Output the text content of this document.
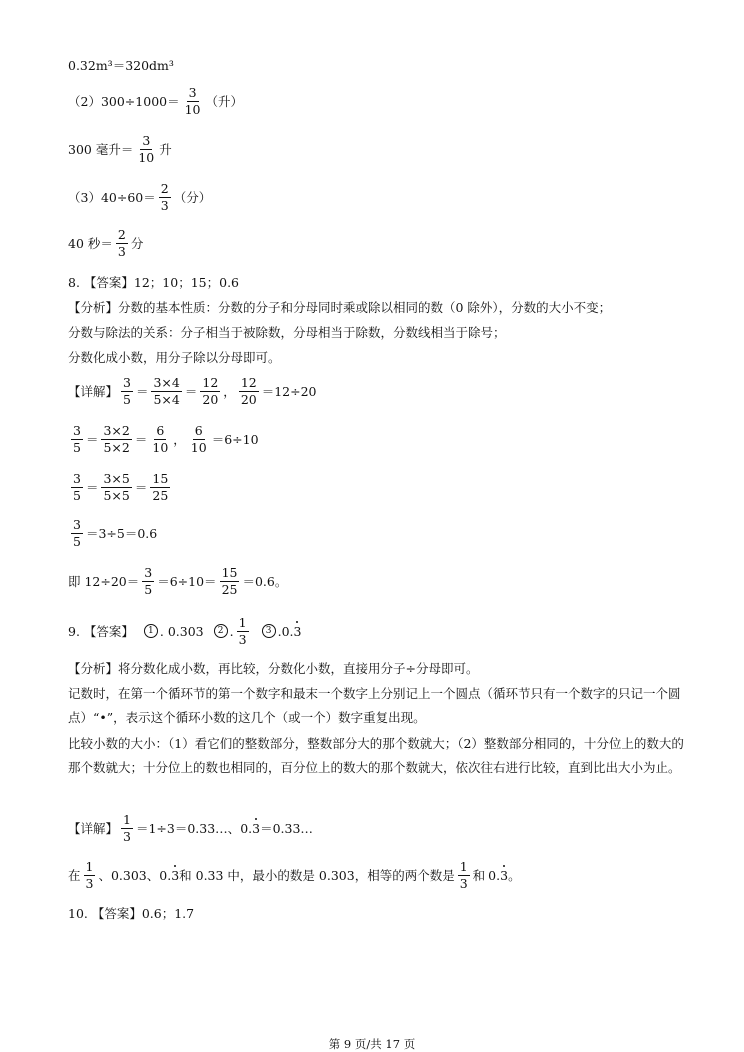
0.32m³＝320dm³
$(2)300\div 1000= \frac{3}{10}$ （升）
300 毫升＝ $\frac{3}{10}$ 升
$(3)40\div 60= \frac{2}{3}$ （分）
40 秒＝ $\frac{2}{3}$ 分
8. 【答案】12；10；15；0.6
【分析】分数的基本性质：分数的分子和分母同时乘或除以相同的数（0 除外），分数的大小不变；
分数与除法的关系：分子相当于被除数，分母相当于除数，分数线相当于除号；
分数化成小数，用分子除以分母即可。
【详解】 $\frac{3}{5} = \frac{3\times 4}{5\times 4} = \frac{12}{20}$ ， $\frac{12}{20} =12\div 20$
$\frac{3}{5} = \frac{3\times 2}{5\times 2} = \frac{6}{10}$ ， $\frac{6}{10} =6\div 10$
$\frac{3}{5} = \frac{3\times 5}{5\times 5} = \frac{15}{25}$
$\frac{3}{5} =3\div 5=0.6$
即 $12\div 20= \frac{3}{5} =6\div 10= \frac{15}{25} =0.6$。
9. 【答案】	1 . 0.303	2 . $\frac{1}{3}$	3 . 0.3
【分析】将分数化成小数，再比较，分数化小数，直接用分子÷分母即可。
记数时，在第一个循环节的第一个数字和最末一个数字上分别记上一个圆点（循环节只有一个数字的只记一个圆点）“•”，表示这个循环小数的这几个（或一个）数字重复出现。
比较小数的大小：（1）看它们的整数部分，整数部分大的那个数就大；（2）整数部分相同的，十分位上的数大的那个数就大；十分位上的数也相同的，百分位上的数大的那个数就大，依次往右进行比较，直到比出大小为止。
【详解】 $\frac{1}{3}$ ＝1÷3＝0.33…、 0.3 ＝0.33…
在 $\frac{1}{3}$ 、0.303、 0.3 和 0.33 中，最小的数是 0.303，相等的两个数是 $\frac{1}{3}$ 和 0.3 。
10. 【答案】0.6；1.7
第 9 页/共 17 页
